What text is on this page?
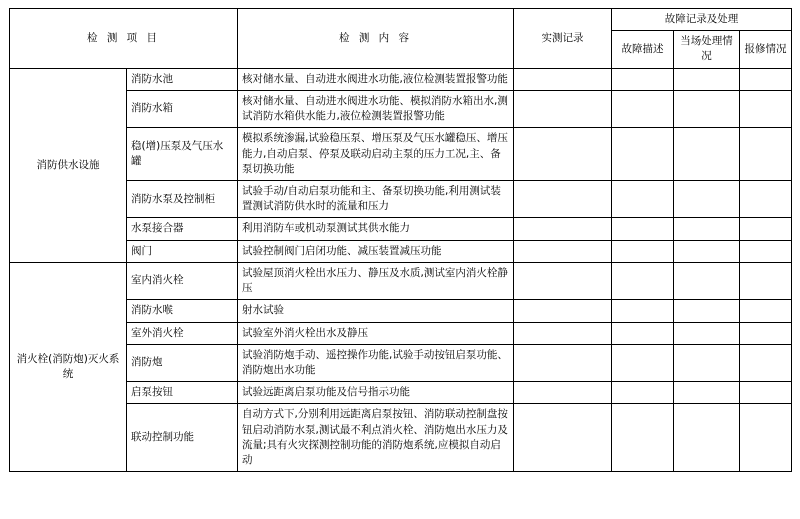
检 测 项 目		检 测 内 容	实测记录	故障记录及处理		
				故障描述	当场处理情况	报修情况
消防供水设施	消防水池	核对储水量、自动进水阀进水功能,液位检测装置报警功能				
	消防水箱	核对储水量、自动进水阀进水功能、模拟消防水箱出水,测试消防水箱供水能力,液位检测装置报警功能				
	稳(增)压泵及气压水罐	模拟系统渗漏,试验稳压泵、增压泵及气压水罐稳压、增压能力,自动启泵、停泵及联动启动主泵的压力工况,主、备泵切换功能				
	消防水泵及控制柜	试验手动/自动启泵功能和主、备泵切换功能,利用测试装置测试消防供水时的流量和压力				
	水泵接合器	利用消防车或机动泵测试其供水能力				
	阀门	试验控制阀门启闭功能、减压装置减压功能				
消火栓(消防炮)灭火系统	室内消火栓	试验屋顶消火栓出水压力、静压及水质,测试室内消火栓静压				
	消防水喉	射水试验				
	室外消火栓	试验室外消火栓出水及静压				
	消防炮	试验消防炮手动、遥控操作功能,试验手动按钮启泵功能、消防炮出水功能				
	启泵按钮	试验远距离启泵功能及信号指示功能				
	联动控制功能	自动方式下,分别利用远距离启泵按钮、消防联动控制盘按钮启动消防水泵,测试最不利点消火栓、消防炮出水压力及流量;具有火灾探测控制功能的消防炮系统,应模拟自动启动				
